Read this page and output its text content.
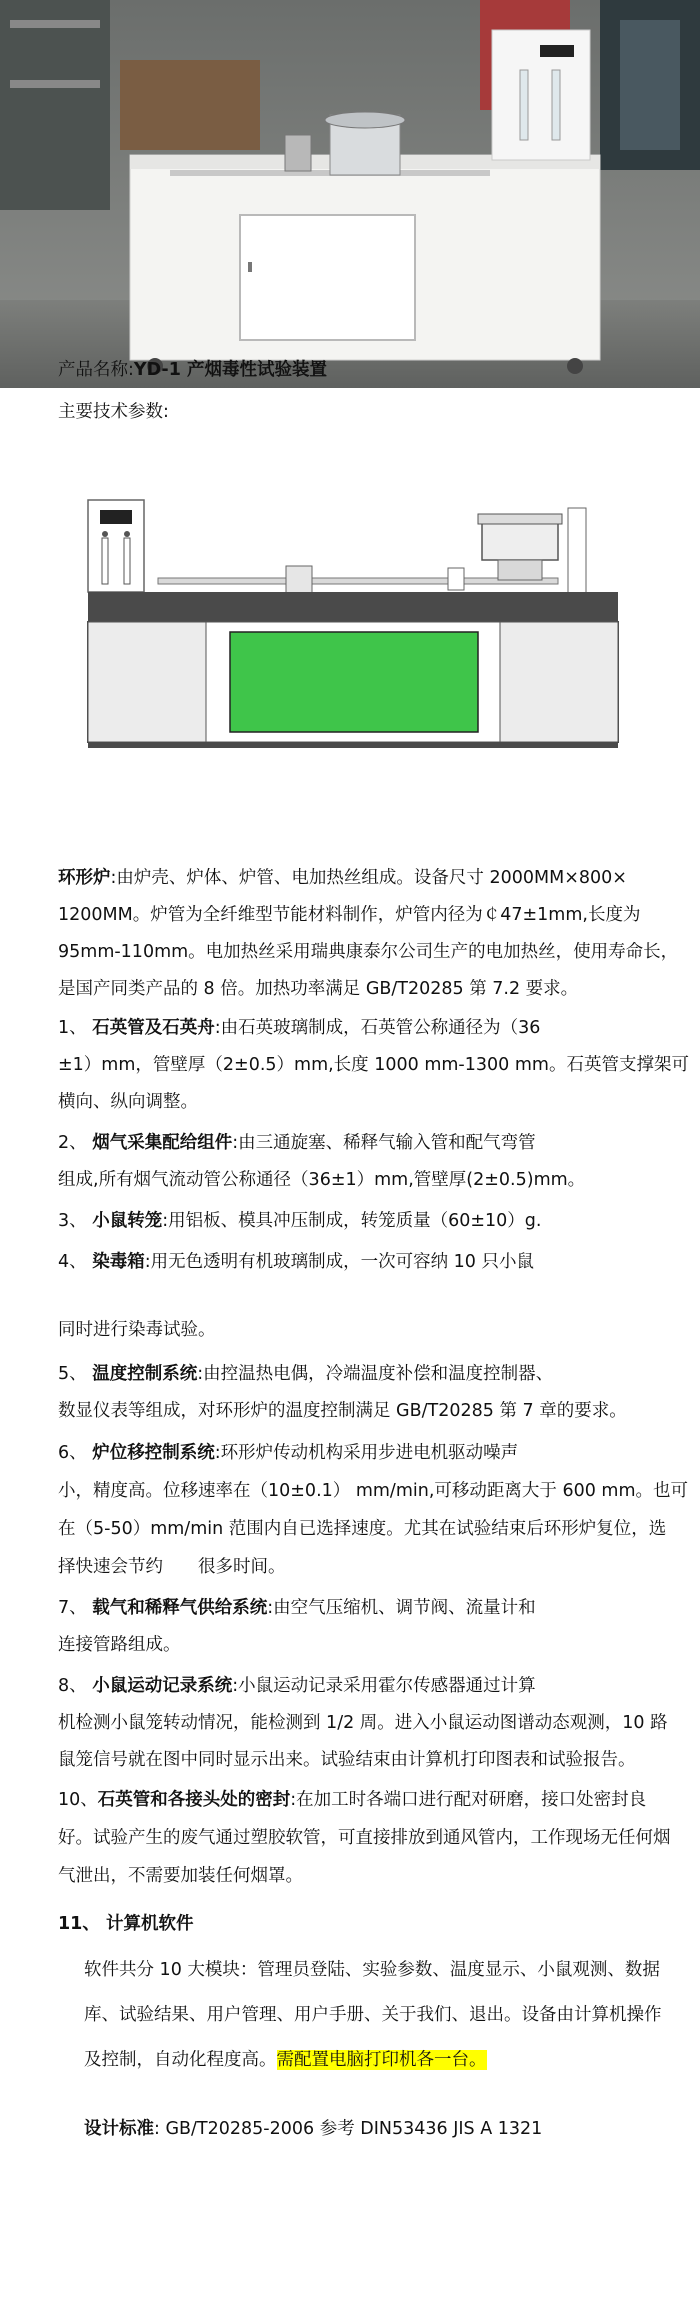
产品名称:YD-1 产烟毒性试验装置
主要技术参数:
环形炉:由炉壳、炉体、炉管、电加热丝组成。设备尺寸 2000MM×800×
1200MM。炉管为全纤维型节能材料制作，炉管内径为￠47±1mm,长度为
95mm-110mm。电加热丝采用瑞典康泰尔公司生产的电加热丝，使用寿命长，
是国产同类产品的 8 倍。加热功率满足 GB/T20285 第 7.2 要求。
1、 石英管及石英舟:由石英玻璃制成，石英管公称通径为（36
±1）mm，管壁厚（2±0.5）mm,长度 1000 mm-1300 mm。石英管支撑架可
横向、纵向调整。
2、 烟气采集配给组件:由三通旋塞、稀释气输入管和配气弯管
组成,所有烟气流动管公称通径（36±1）mm,管壁厚(2±0.5)mm。
3、 小鼠转笼:用铝板、模具冲压制成，转笼质量（60±10）g.
4、 染毒箱:用无色透明有机玻璃制成，一次可容纳 10 只小鼠
同时进行染毒试验。
5、 温度控制系统:由控温热电偶，冷端温度补偿和温度控制器、
数显仪表等组成，对环形炉的温度控制满足 GB/T20285 第 7 章的要求。
6、 炉位移控制系统:环形炉传动机构采用步进电机驱动噪声
小，精度高。位移速率在（10±0.1） mm/min,可移动距离大于 600 mm。也可
在（5-50）mm/min 范围内自已选择速度。尤其在试验结束后环形炉复位，选
择快速会节约　　很多时间。
7、 载气和稀释气供给系统:由空气压缩机、调节阀、流量计和
连接管路组成。
8、 小鼠运动记录系统:小鼠运动记录采用霍尔传感器通过计算
机检测小鼠笼转动情况，能检测到 1/2 周。进入小鼠运动图谱动态观测，10 路
鼠笼信号就在图中同时显示出来。试验结束由计算机打印图表和试验报告。
10、石英管和各接头处的密封:在加工时各端口进行配对研磨，接口处密封良
好。试验产生的废气通过塑胶软管，可直接排放到通风管内，工作现场无任何烟
气泄出，不需要加装任何烟罩。
11、 计算机软件
软件共分 10 大模块：管理员登陆、实验参数、温度显示、小鼠观测、数据
库、试验结果、用户管理、用户手册、关于我们、退出。设备由计算机操作
及控制，自动化程度高。需配置电脑打印机各一台。
设计标准: GB/T20285-2006 参考 DIN53436 JIS A 1321
